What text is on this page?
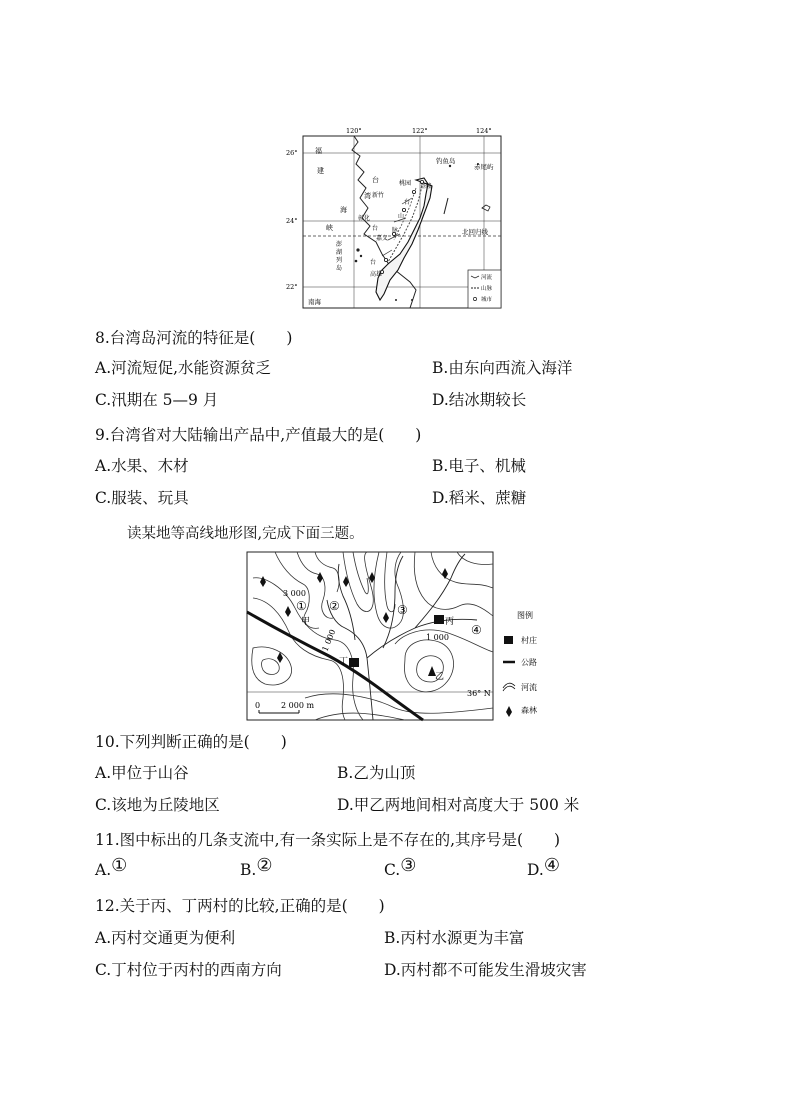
120°	122°	124°
26°
24°
22°
福
建
台
湾
海
峡
澎
湖
列
岛
桃园 基隆
新竹
彰化
台
台
高雄
台
山
脉
嘉义
钓鱼岛
赤尾屿
北回归线
南海
河流
山脉
城市
8.台湾岛河流的特征是(　　)
A.河流短促,水能资源贫乏	B.由东向西流入海洋
C.汛期在 5—9 月	D.结冰期较长
9.台湾省对大陆输出产品中,产值最大的是(　　)
A.水果、木材	B.电子、机械
C.服装、玩具	D.稻米、蔗糖
读某地等高线地形图,完成下面三题。
3 000
1 000
1 000
甲
乙
丙
丁
① ②	③
④
36° N
0	2 000 m
图例
村庄
公路
河流
森林
10.下列判断正确的是(　　)
A.甲位于山谷	B.乙为山顶
C.该地为丘陵地区	D.甲乙两地间相对高度大于 500 米
11.图中标出的几条支流中,有一条实际上是不存在的,其序号是(　　)
A.①	B.②	C.③	D.④
12.关于丙、丁两村的比较,正确的是(　　)
A.丙村交通更为便利	B.丙村水源更为丰富
C.丁村位于丙村的西南方向	D.丙村都不可能发生滑坡灾害
